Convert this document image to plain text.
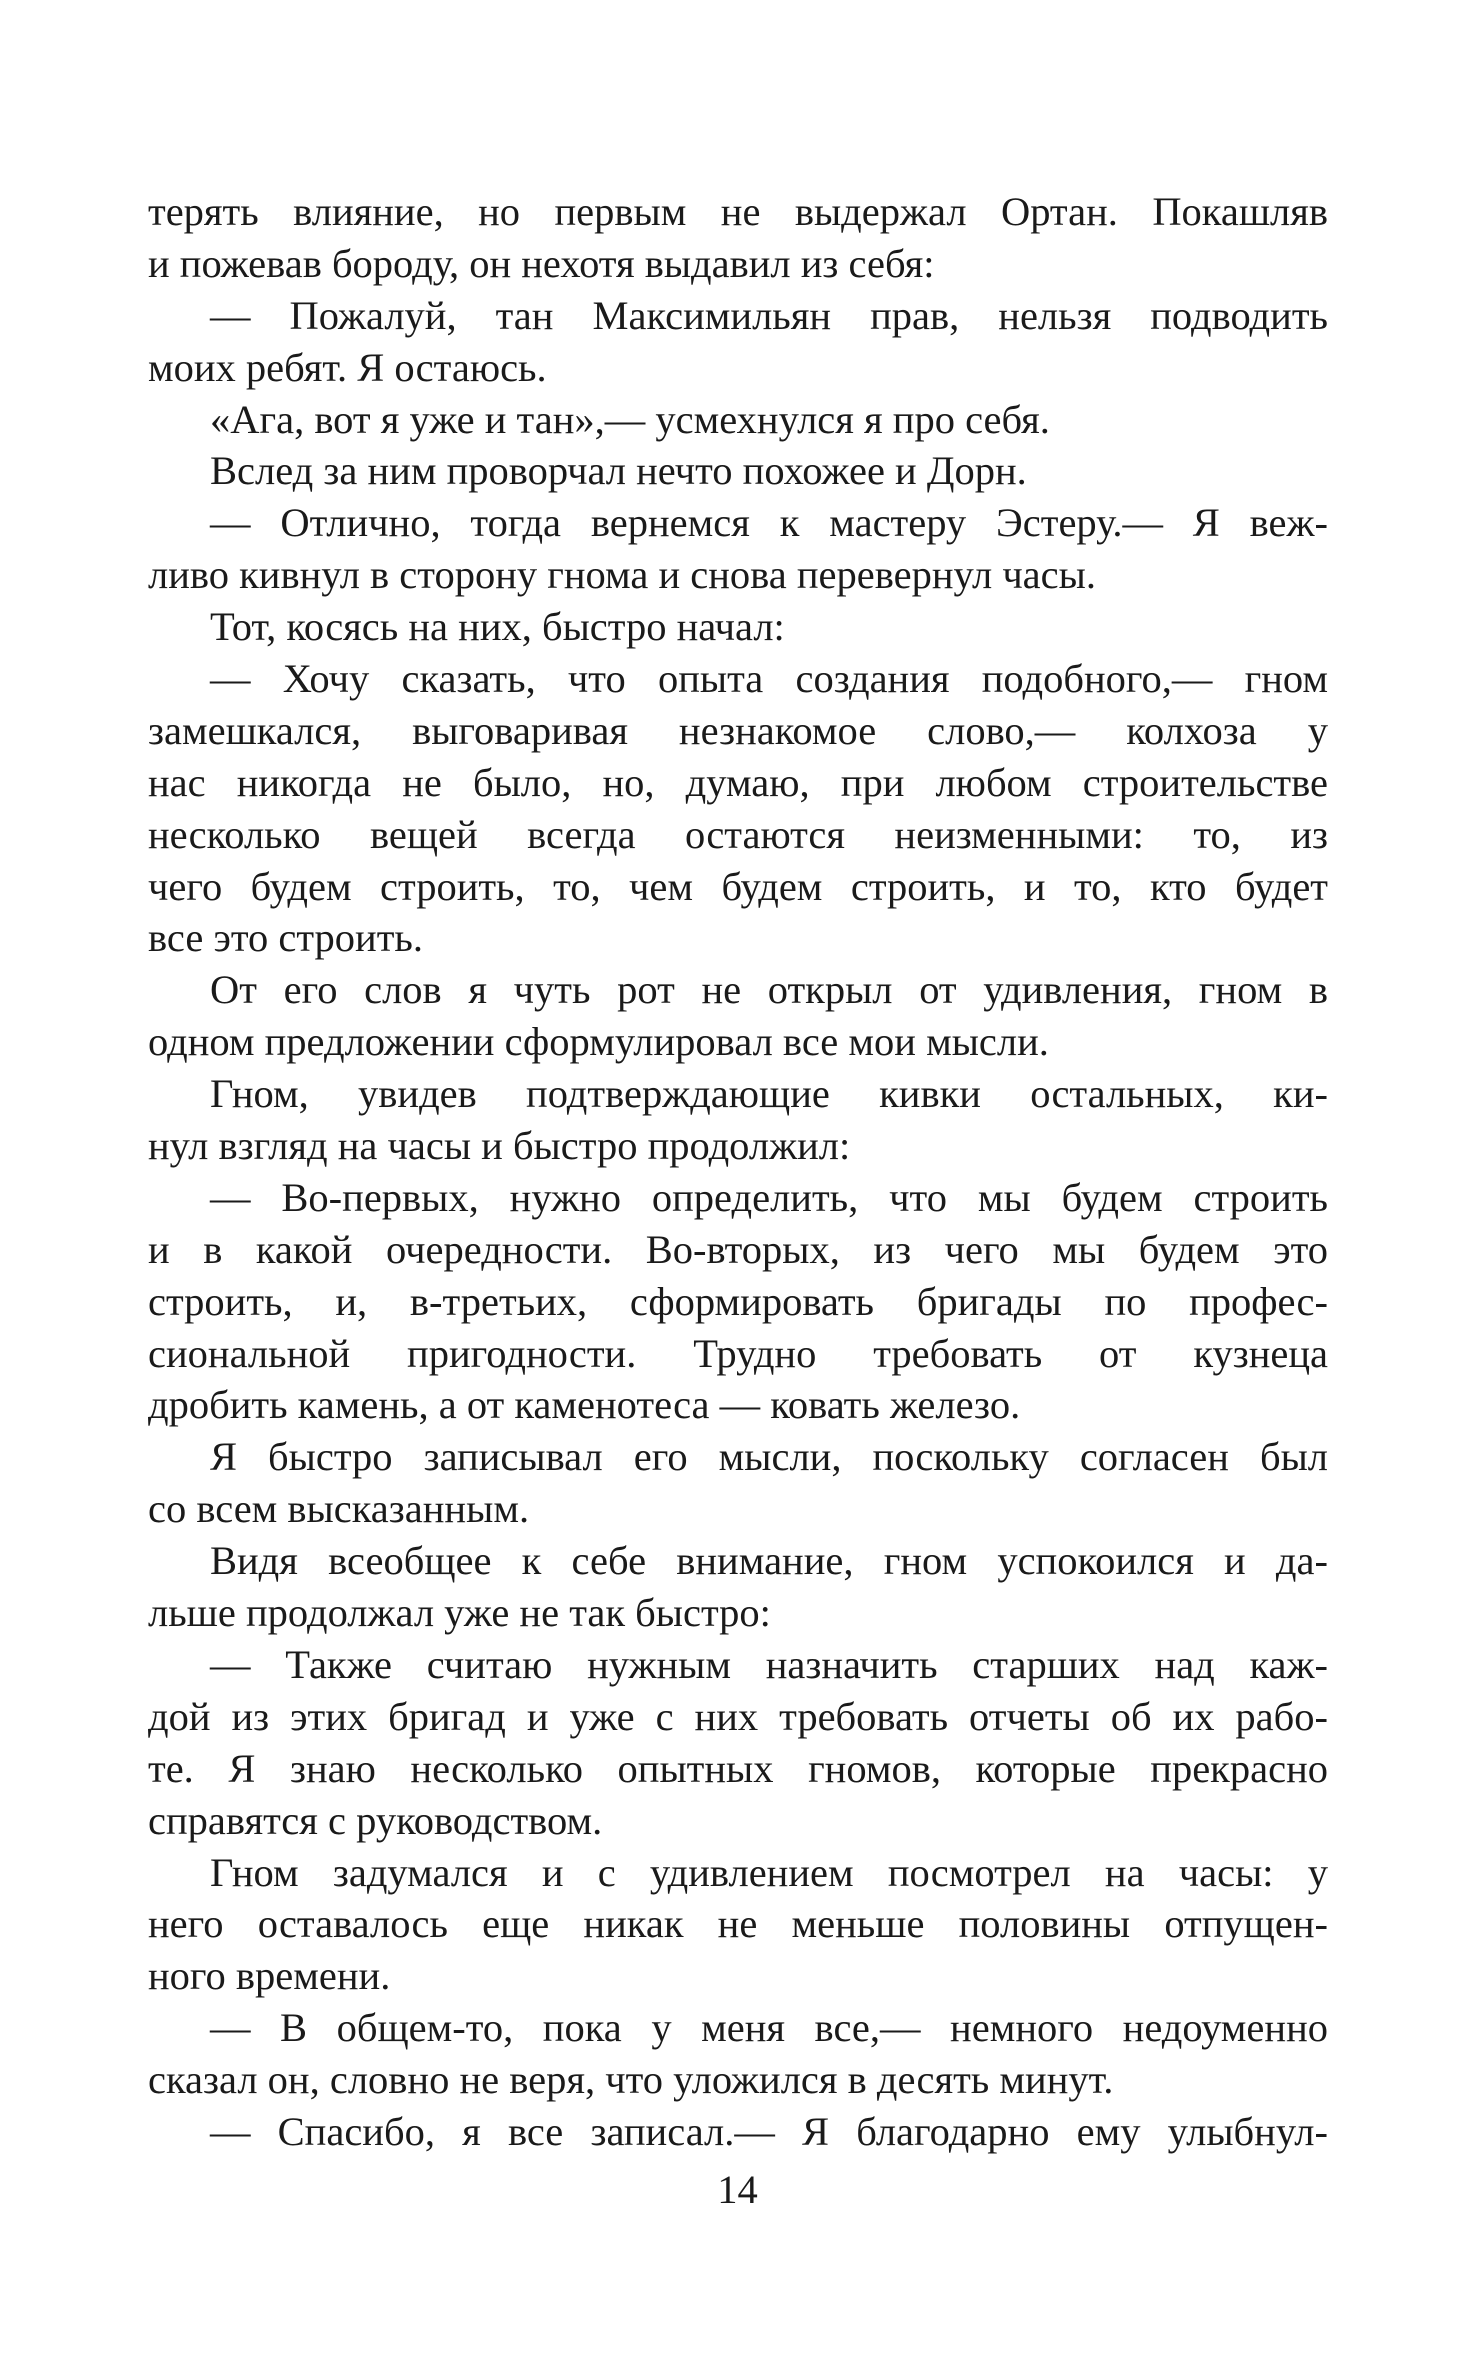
терять влияние, но первым не выдержал Ортан. Покашляв
и пожевав бороду, он нехотя выдавил из себя:
— Пожалуй, тан Максимильян прав, нельзя подводить
моих ребят. Я остаюсь.
«Ага, вот я уже и тан»,— усмехнулся я про себя.
Вслед за ним проворчал нечто похожее и Дорн.
— Отлично, тогда вернемся к мастеру Эстеру.— Я веж-
ливо кивнул в сторону гнома и снова перевернул часы.
Тот, косясь на них, быстро начал:
— Хочу сказать, что опыта создания подобного,— гном
замешкался, выговаривая незнакомое слово,— колхоза у
нас никогда не было, но, думаю, при любом строительстве
несколько вещей всегда остаются неизменными: то, из
чего будем строить, то, чем будем строить, и то, кто будет
все это строить.
От его слов я чуть рот не открыл от удивления, гном в
одном предложении сформулировал все мои мысли.
Гном, увидев подтверждающие кивки остальных, ки-
нул взгляд на часы и быстро продолжил:
— Во-первых, нужно определить, что мы будем строить
и в какой очередности. Во-вторых, из чего мы будем это
строить, и, в-третьих, сформировать бригады по профес-
сиональной пригодности. Трудно требовать от кузнеца
дробить камень, а от каменотеса — ковать железо.
Я быстро записывал его мысли, поскольку согласен был
со всем высказанным.
Видя всеобщее к себе внимание, гном успокоился и да-
льше продолжал уже не так быстро:
— Также считаю нужным назначить старших над каж-
дой из этих бригад и уже с них требовать отчеты об их рабо-
те. Я знаю несколько опытных гномов, которые прекрасно
справятся с руководством.
Гном задумался и с удивлением посмотрел на часы: у
него оставалось еще никак не меньше половины отпущен-
ного времени.
— В общем-то, пока у меня все,— немного недоуменно
сказал он, словно не веря, что уложился в десять минут.
— Спасибо, я все записал.— Я благодарно ему улыбнул-
14
